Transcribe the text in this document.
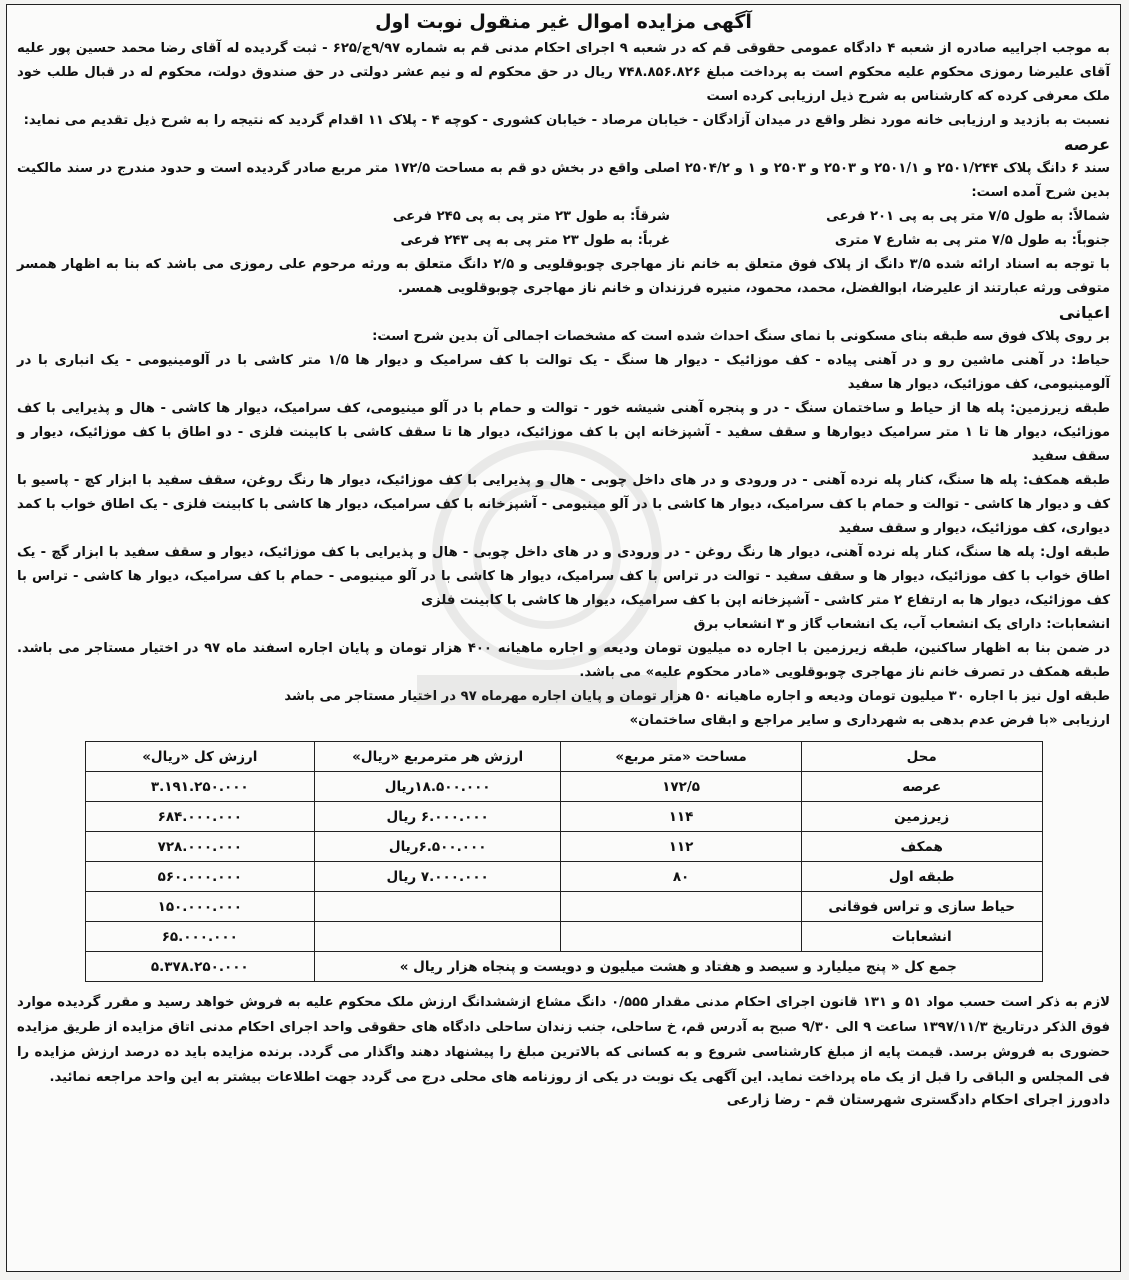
آگهی مزایده اموال غیر منقول نوبت اول

به موجب اجراییه صادره از شعبه ۴ دادگاه عمومی حقوقی قم که در شعبه ۹ اجرای احکام مدنی قم به شماره ۹/۹۷ج/۶۲۵ - ثبت گردیده له آقای رضا محمد حسین پور علیه آقای علیرضا رموزی محکوم علیه محکوم است به پرداخت مبلغ ۷۴۸.۸۵۶.۸۲۶ ریال در حق محکوم له و نیم عشر دولتی در حق صندوق دولت، محکوم له در قبال طلب خود ملک معرفی کرده که کارشناس به شرح ذیل ارزیابی کرده است

نسبت به بازدید و ارزیابی خانه مورد نظر واقع در میدان آزادگان - خیابان مرصاد - خیابان کشوری - کوچه ۴ - پلاک ۱۱ اقدام گردید که نتیجه را به شرح ذیل تقدیم می نماید:

عرصه

سند ۶ دانگ پلاک ۲۵۰۱/۲۴۴ و ۲۵۰۱/۱ و ۲۵۰۳ و ۲۵۰۳ و ۱ و ۲۵۰۴/۲ اصلی واقع در بخش دو قم به مساحت ۱۷۲/۵ متر مربع صادر گردیده است و حدود مندرج در سند مالکیت بدین شرح آمده است:

شمالاً: به طول ۷/۵ متر پی به پی ۲۰۱ فرعی
شرقاً: به طول ۲۳ متر پی به پی ۲۴۵ فرعی
جنوباً: به طول ۷/۵ متر پی به شارع ۷ متری
غرباً: به طول ۲۳ متر پی به پی ۲۴۳ فرعی

با توجه به اسناد ارائه شده ۳/۵ دانگ از پلاک فوق متعلق به خانم ناز مهاجری چوبوقلویی و ۲/۵ دانگ متعلق به ورثه مرحوم علی رموزی می باشد که بنا به اظهار همسر متوفی ورثه عبارتند از علیرضا، ابوالفضل، محمد، محمود، منیره فرزندان و خانم ناز مهاجری چوبوقلویی همسر.

اعیانی

بر روی پلاک فوق سه طبقه بنای مسکونی با نمای سنگ احداث شده است که مشخصات اجمالی آن بدین شرح است:

حیاط: در آهنی ماشین رو و در آهنی پیاده - کف موزائیک - دیوار ها سنگ - یک توالت با کف سرامیک و دیوار ها ۱/۵ متر کاشی با در آلومینیومی - یک انباری با در آلومینیومی، کف موزائیک، دیوار ها سفید

طبقه زیرزمین: پله ها از حیاط و ساختمان سنگ - در و پنجره آهنی شیشه خور - توالت و حمام با در آلو مینیومی، کف سرامیک، دیوار ها کاشی - هال و پذیرایی با کف موزائیک، دیوار ها تا ۱ متر سرامیک دیوارها و سقف سفید - آشپزخانه اپن با کف موزائیک، دیوار ها تا سقف کاشی با کابینت فلزی - دو اطاق با کف موزائیک، دیوار و سقف سفید

طبقه همکف: پله ها سنگ، کنار پله نرده آهنی - در ورودی و در های داخل چوبی - هال و پذیرایی با کف موزائیک، دیوار ها رنگ روغن، سقف سفید با ابزار کچ - پاسیو با کف و دیوار ها کاشی - توالت و حمام با کف سرامیک، دیوار ها کاشی با در آلو مینیومی - آشپزخانه با کف سرامیک، دیوار ها کاشی با کابینت فلزی - یک اطاق خواب با کمد دیواری، کف موزائیک، دیوار و سقف سفید

طبقه اول: پله ها سنگ، کنار پله نرده آهنی، دیوار ها رنگ روغن - در ورودی و در های داخل چوبی - هال و پذیرایی با کف موزائیک، دیوار و سقف سفید با ابزار گچ - یک اطاق خواب با کف موزائیک، دیوار ها و سقف سفید - توالت در تراس با کف سرامیک، دیوار ها کاشی با در آلو مینیومی - حمام با کف سرامیک، دیوار ها کاشی - تراس با کف موزائیک، دیوار ها به ارتفاع ۲ متر کاشی - آشپزخانه اپن با کف سرامیک، دیوار ها کاشی با کابینت فلزی

انشعابات: دارای یک انشعاب آب، یک انشعاب گاز و ۳ انشعاب برق

در ضمن بنا به اظهار ساکنین، طبقه زیرزمین با اجاره ده میلیون تومان ودیعه و اجاره ماهیانه ۴۰۰ هزار تومان و پایان اجاره اسفند ماه ۹۷ در اختیار مستاجر می باشد. طبقه همکف در تصرف خانم ناز مهاجری چوبوقلویی «مادر محکوم علیه» می باشد.

طبقه اول نیز با اجاره ۳۰ میلیون تومان ودیعه و اجاره ماهیانه ۵۰ هزار تومان و پایان اجاره مهرماه ۹۷ در اختیار مستاجر می باشد

ارزیابی «با فرض عدم بدهی به شهرداری و سایر مراجع و ابقای ساختمان»

محل	مساحت «متر مربع»	ارزش هر مترمربع «ریال»	ارزش کل «ریال»
عرصه	۱۷۲/۵	۱۸.۵۰۰.۰۰۰ریال	۳.۱۹۱.۲۵۰.۰۰۰
زیرزمین	۱۱۴	۶.۰۰۰.۰۰۰ ریال	۶۸۴.۰۰۰.۰۰۰
همکف	۱۱۲	۶.۵۰۰.۰۰۰ریال	۷۲۸.۰۰۰.۰۰۰
طبقه اول	۸۰	۷.۰۰۰.۰۰۰ ریال	۵۶۰.۰۰۰.۰۰۰
حیاط سازی و تراس فوقانی			۱۵۰.۰۰۰.۰۰۰
انشعابات			۶۵.۰۰۰.۰۰۰
جمع کل « پنج میلیارد و سیصد و هفتاد و هشت میلیون و دویست و پنجاه هزار ریال »			۵.۳۷۸.۲۵۰.۰۰۰

لازم به ذکر است حسب مواد ۵۱ و ۱۳۱ قانون اجرای احکام مدنی مقدار ۰/۵۵۵ دانگ مشاع ازششدانگ ارزش ملک محکوم علیه به فروش خواهد رسید و مقرر گردیده موارد فوق الذکر درتاریخ ۱۳۹۷/۱۱/۳ ساعت ۹ الی ۹/۳۰ صبح به آدرس قم، خ ساحلی، جنب زندان ساحلی دادگاه های حقوقی واحد اجرای احکام مدنی اتاق مزایده از طریق مزایده حضوری به فروش برسد. قیمت پایه از مبلغ کارشناسی شروع و به کسانی که بالاترین مبلغ را پیشنهاد دهند واگذار می گردد. برنده مزایده باید ده درصد ارزش مزایده را فی المجلس و الباقی را قبل از یک ماه پرداخت نماید. این آگهی یک نوبت در یکی از روزنامه های محلی درج می گردد جهت اطلاعات بیشتر به این واحد مراجعه نمائید.

دادورز اجرای احکام دادگستری شهرستان قم - رضا زارعی
